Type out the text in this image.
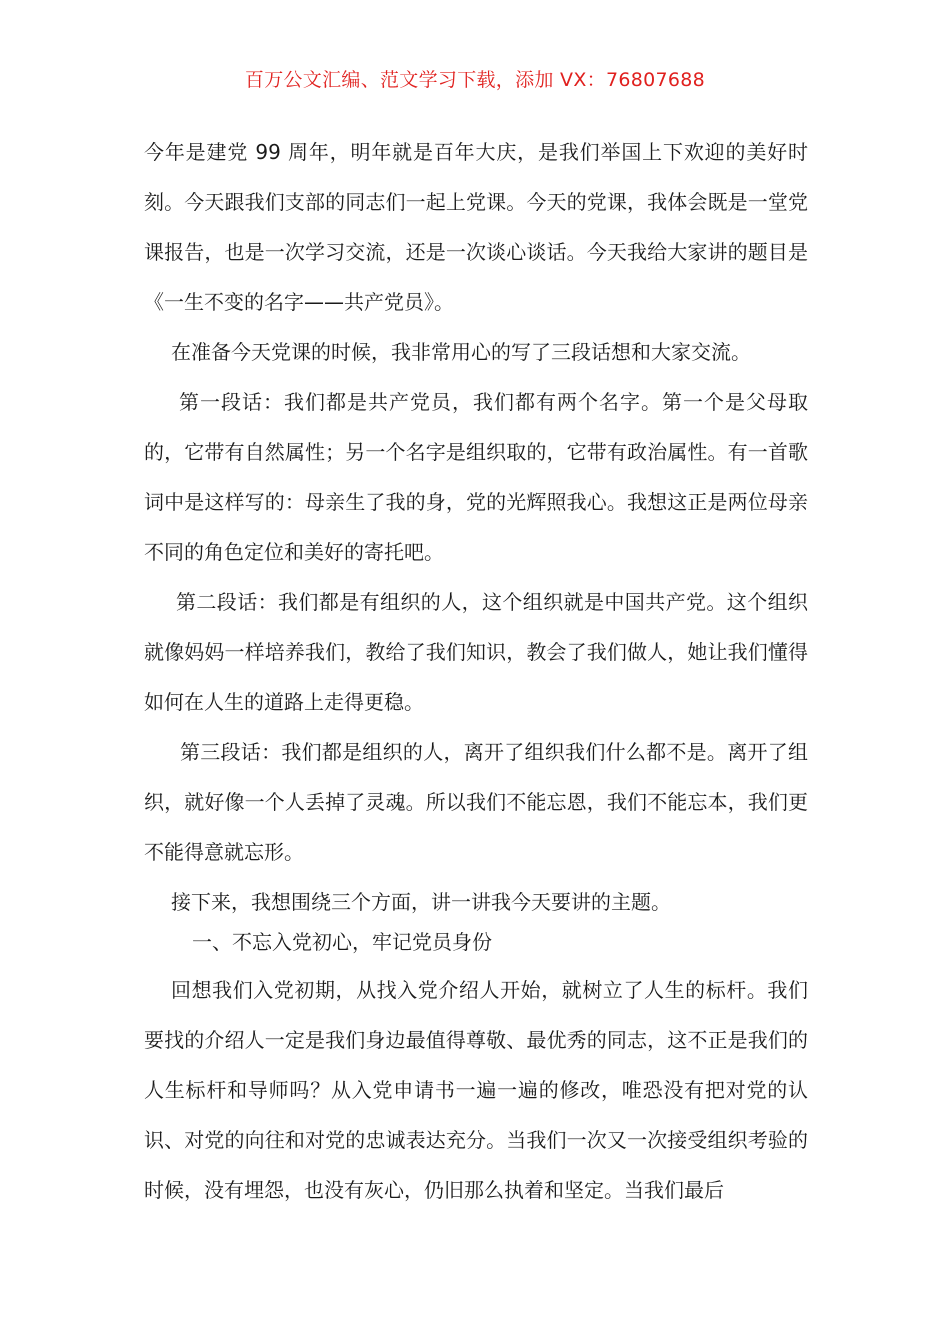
百万公文汇编、范文学习下载，添加 VX：76807688

今年是建党 99 周年，明年就是百年大庆，是我们举国上下欢迎的美好时刻。今天跟我们支部的同志们一起上党课。今天的党课，我体会既是一堂党课报告，也是一次学习交流，还是一次谈心谈话。今天我给大家讲的题目是《一生不变的名字——共产党员》。

在准备今天党课的时候，我非常用心的写了三段话想和大家交流。

第一段话：我们都是共产党员，我们都有两个名字。第一个是父母取的，它带有自然属性；另一个名字是组织取的，它带有政治属性。有一首歌词中是这样写的：母亲生了我的身，党的光辉照我心。我想这正是两位母亲不同的角色定位和美好的寄托吧。

第二段话：我们都是有组织的人，这个组织就是中国共产党。这个组织就像妈妈一样培养我们，教给了我们知识，教会了我们做人，她让我们懂得如何在人生的道路上走得更稳。

第三段话：我们都是组织的人，离开了组织我们什么都不是。离开了组织，就好像一个人丢掉了灵魂。所以我们不能忘恩，我们不能忘本，我们更不能得意就忘形。

接下来，我想围绕三个方面，讲一讲我今天要讲的主题。

一、不忘入党初心，牢记党员身份

回想我们入党初期，从找入党介绍人开始，就树立了人生的标杆。我们要找的介绍人一定是我们身边最值得尊敬、最优秀的同志，这不正是我们的人生标杆和导师吗？从入党申请书一遍一遍的修改，唯恐没有把对党的认识、对党的向往和对党的忠诚表达充分。当我们一次又一次接受组织考验的时候，没有埋怨，也没有灰心，仍旧那么执着和坚定。当我们最后
